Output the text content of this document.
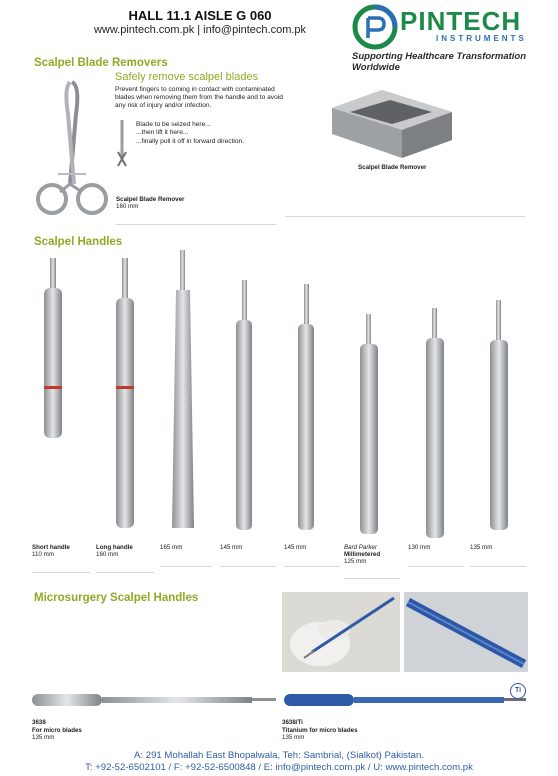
HALL 11.1 AISLE G 060
www.pintech.com.pk | info@pintech.com.pk	PINTECH
INSTRUMENTS
Supporting Healthcare Transformation Worldwide
Scalpel Blade Removers
Safely remove scalpel blades
Prevent fingers to coming in contact with contaminated blades when removing them from the handle and to avoid any risk of injury and/or infection.
Blade to be seized here...
...then lift it here...
...finally pull it off in forward direction.
Scalpel Blade Remover
160 mm
Scalpel Blade Remover
Scalpel Handles
Short handle
110 mm
Long handle
160 mm
165 mm	145 mm	145 mm	Bard Parker
Millimetered
125 mm
130 mm	135 mm
Microsurgery Scalpel Handles
Ti
3638
For micro blades
135 mm
3638/Ti
Titanium for micro blades
135 mm
A: 291 Mohallah East Bhopalwala, Teh: Sambrial, (Sialkot) Pakistan.
T: +92-52-6502101 / F: +92-52-6500848 / E: info@pintech.com.pk / U: www.pintech.com.pk
